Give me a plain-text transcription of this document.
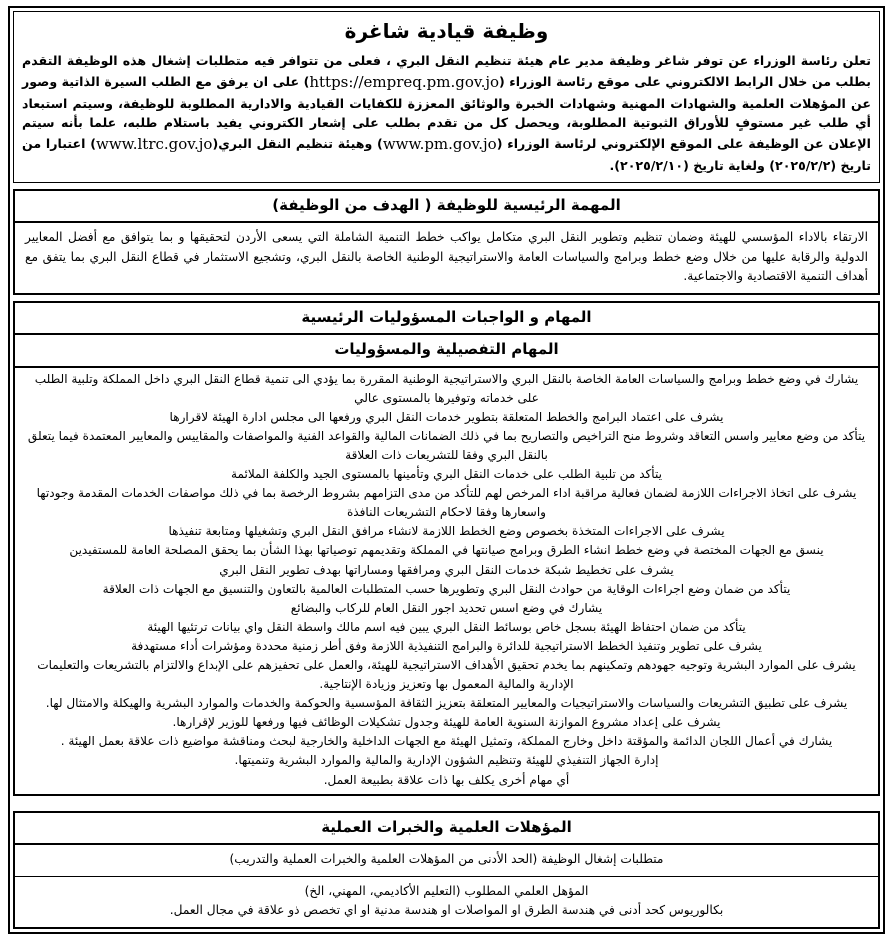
وظيفة قيادية شاغرة

تعلن رئاسة الوزراء عن توفر شاغر وظيفة مدير عام هيئة تنظيم النقل البري ، فعلى من تتوافر فيه متطلبات إشغال هذه الوظيفة التقدم بطلب من خلال الرابط الالكتروني على موقع رئاسة الوزراء (https://empreq.pm.gov.jo) على ان يرفق مع الطلب السيرة الذاتية وصور عن المؤهلات العلمية والشهادات المهنية وشهادات الخبرة والوثائق المعززة للكفايات القيادية والادارية المطلوبة للوظيفة، وسيتم استبعاد أي طلب غير مستوفٍ للأوراق الثبوتية المطلوبة، ويحصل كل من تقدم بطلب على إشعار الكتروني يفيد باستلام طلبه، علما بأنه سيتم الإعلان عن الوظيفة على الموقع الإلكتروني لرئاسة الوزراء (www.pm.gov.jo) وهيئة تنظيم النقل البري(www.ltrc.gov.jo) اعتبارا من تاريخ (٢٠٢٥/٢/٢) ولغاية تاريخ (٢٠٢٥/٢/١٠).

المهمة الرئيسية للوظيفة ( الهدف من الوظيفة)
الارتقاء بالاداء المؤسسي للهيئة وضمان تنظيم وتطوير النقل البري متكامل يواكب خطط التنمية الشاملة التي يسعى الأردن لتحقيقها و بما يتوافق مع أفضل المعايير الدولية والرقابة عليها من خلال وضع خطط وبرامج والسياسات العامة والاستراتيجية الوطنية الخاصة بالنقل البري، وتشجيع الاستثمار في قطاع النقل البري بما يتفق مع أهداف التنمية الاقتصادية والاجتماعية.
المهام و الواجبات المسؤوليات الرئيسية
المهام التفصيلية والمسؤوليات
يشارك في وضع خطط وبرامج والسياسات العامة الخاصة بالنقل البري والاستراتيجية الوطنية المقررة بما يؤدي الى تنمية قطاع النقل البري داخل المملكة وتلبية الطلب على خدماته وتوفيرها بالمستوى عالي
يشرف على اعتماد البرامج والخطط المتعلقة بتطوير خدمات النقل البري ورفعها الى مجلس ادارة الهيئة لاقرارها
يتأكد من وضع معايير واسس التعاقد وشروط منح التراخيص والتصاريح بما في ذلك الضمانات المالية والقواعد الفنية والمواصفات والمقاييس والمعايير المعتمدة فيما يتعلق بالنقل البري وفقا للتشريعات ذات العلاقة
يتأكد من تلبية الطلب على خدمات النقل البري وتأمينها بالمستوى الجيد والكلفة الملائمة
يشرف على اتخاذ الاجراءات اللازمة لضمان فعالية مراقبة اداء المرخص لهم للتأكد من مدى التزامهم بشروط الرخصة بما في ذلك مواصفات الخدمات المقدمة وجودتها واسعارها وفقا لاحكام التشريعات النافذة
يشرف على الاجراءات المتخذة بخصوص وضع الخطط اللازمة لانشاء مرافق النقل البري وتشغيلها ومتابعة تنفيذها
ينسق مع الجهات المختصة في وضع خطط انشاء الطرق وبرامج صيانتها في المملكة وتقديمهم توصياتها بهذا الشأن بما يحقق المصلحة العامة للمستفيدين
يشرف على تخطيط شبكة خدمات النقل البري ومرافقها ومساراتها بهدف تطوير النقل البري
يتأكد من ضمان وضع اجراءات الوقاية من حوادث النقل البري وتطويرها حسب المتطلبات العالمية بالتعاون والتنسيق مع الجهات ذات العلاقة
يشارك في وضع اسس تحديد اجور النقل العام للركاب والبضائع
يتأكد من ضمان احتفاظ الهيئة بسجل خاص بوسائط النقل البري يبين فيه اسم مالك واسطة النقل واي بيانات ترتئيها الهيئة
يشرف على تطوير وتنفيذ الخطط الاستراتيجية للدائرة والبرامج التنفيذية اللازمة وفق أطر زمنية محددة ومؤشرات أداء مستهدفة
يشرف على الموارد البشرية وتوجيه جهودهم وتمكينهم بما يخدم تحقيق الأهداف الاستراتيجية للهيئة، والعمل على تحفيزهم على الإبداع والالتزام بالتشريعات والتعليمات الإدارية والمالية المعمول بها وتعزيز وزيادة الإنتاجية.
يشرف على تطبيق التشريعات والسياسات والاستراتيجيات والمعايير المتعلقة بتعزيز الثقافة المؤسسية والحوكمة والخدمات والموارد البشرية والهيكلة والامتثال لها.
يشرف على إعداد مشروع الموازنة السنوية العامة للهيئة وجدول تشكيلات الوظائف فيها ورفعها للوزير لإقرارها.
يشارك في أعمال اللجان الدائمة والمؤقتة داخل وخارج المملكة، وتمثيل الهيئة مع الجهات الداخلية والخارجية لبحث ومناقشة مواضيع ذات علاقة بعمل الهيئة .
إدارة الجهاز التنفيذي للهيئة وتنظيم الشؤون الإدارية والمالية والموارد البشرية وتنميتها.
أي مهام أخرى يكلف بها ذات علاقة بطبيعة العمل.
المؤهلات العلمية والخبرات العملية
متطلبات إشغال الوظيفة (الحد الأدنى من المؤهلات العلمية والخبرات العملية والتدريب)
المؤهل العلمي المطلوب (التعليم الأكاديمي، المهني، الخ)
بكالوريوس كحد أدنى في هندسة الطرق او المواصلات او هندسة مدنية او اي تخصص ذو علاقة في مجال العمل.
